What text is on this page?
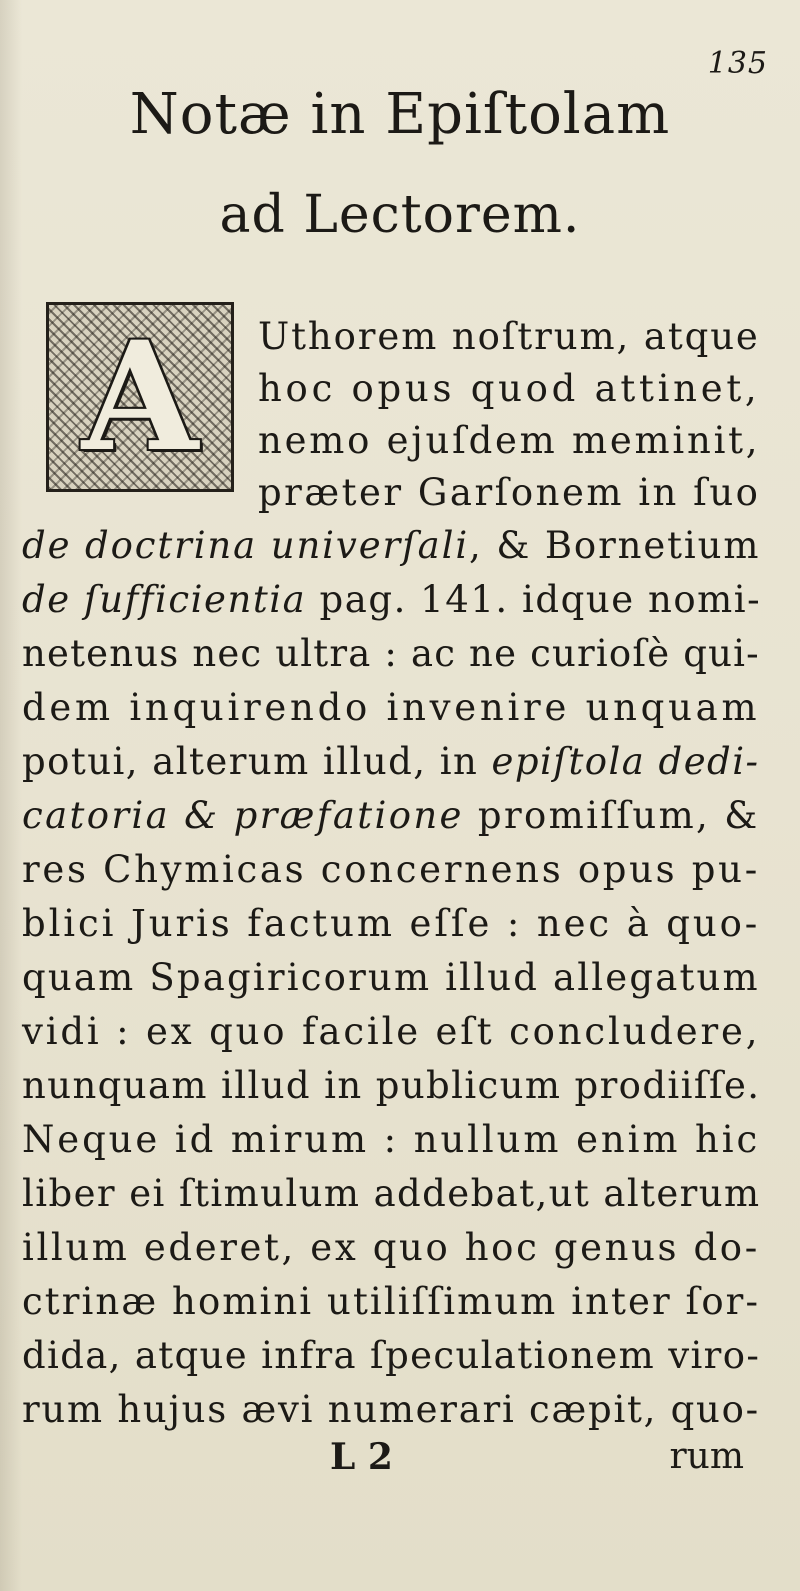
135
Notæ in Epiſtolam
ad Lectorem.
A Uthorem noſtrum, atque

hoc opus quod attinet,

nemo ejuſdem meminit,

præter Garſonem in ſuo

de doctrina univerſali, & Bornetium

de ſufficientia pag. 141. idque nomi-

netenus nec ultra : ac ne curioſè qui-

dem inquirendo invenire unquam

potui, alterum illud, in epiſtola dedi-

catoria & præfatione promiſſum, &

res Chymicas concernens opus pu-

blici Juris factum eſſe : nec à quo-

quam Spagiricorum illud allegatum

vidi : ex quo facile eſt concludere,

nunquam illud in publicum prodiiſſe.

Neque id mirum : nullum enim hic

liber ei ſtimulum addebat,ut alterum

illum ederet, ex quo hoc genus do-

ctrinæ homini utiliſſimum inter ſor-

dida, atque infra ſpeculationem viro-

rum hujus ævi numerari cæpit, quo-

L 2	rum
